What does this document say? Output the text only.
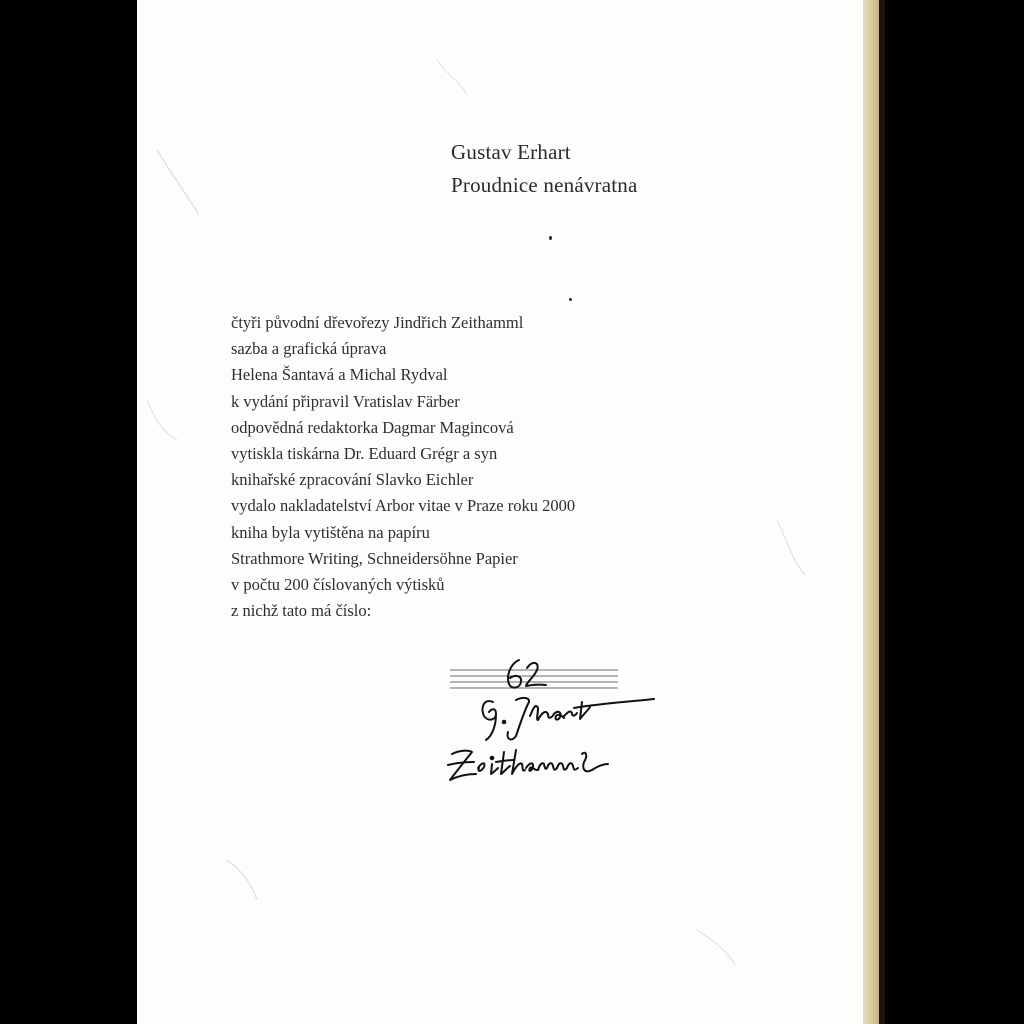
Gustav Erhart
Proudnice nenávratna
čtyři původní dřevořezy Jindřich Zeithamml
sazba a grafická úprava
Helena Šantavá a Michal Rydval
k vydání připravil Vratislav Färber
odpovědná redaktorka Dagmar Magincová
vytiskla tiskárna Dr. Eduard Grégr a syn
knihařské zpracování Slavko Eichler
vydalo nakladatelství Arbor vitae v Praze roku 2000
kniha byla vytištěna na papíru
Strathmore Writing, Schneidersöhne Papier
v počtu 200 číslovaných výtisků
z nichž tato má číslo:
